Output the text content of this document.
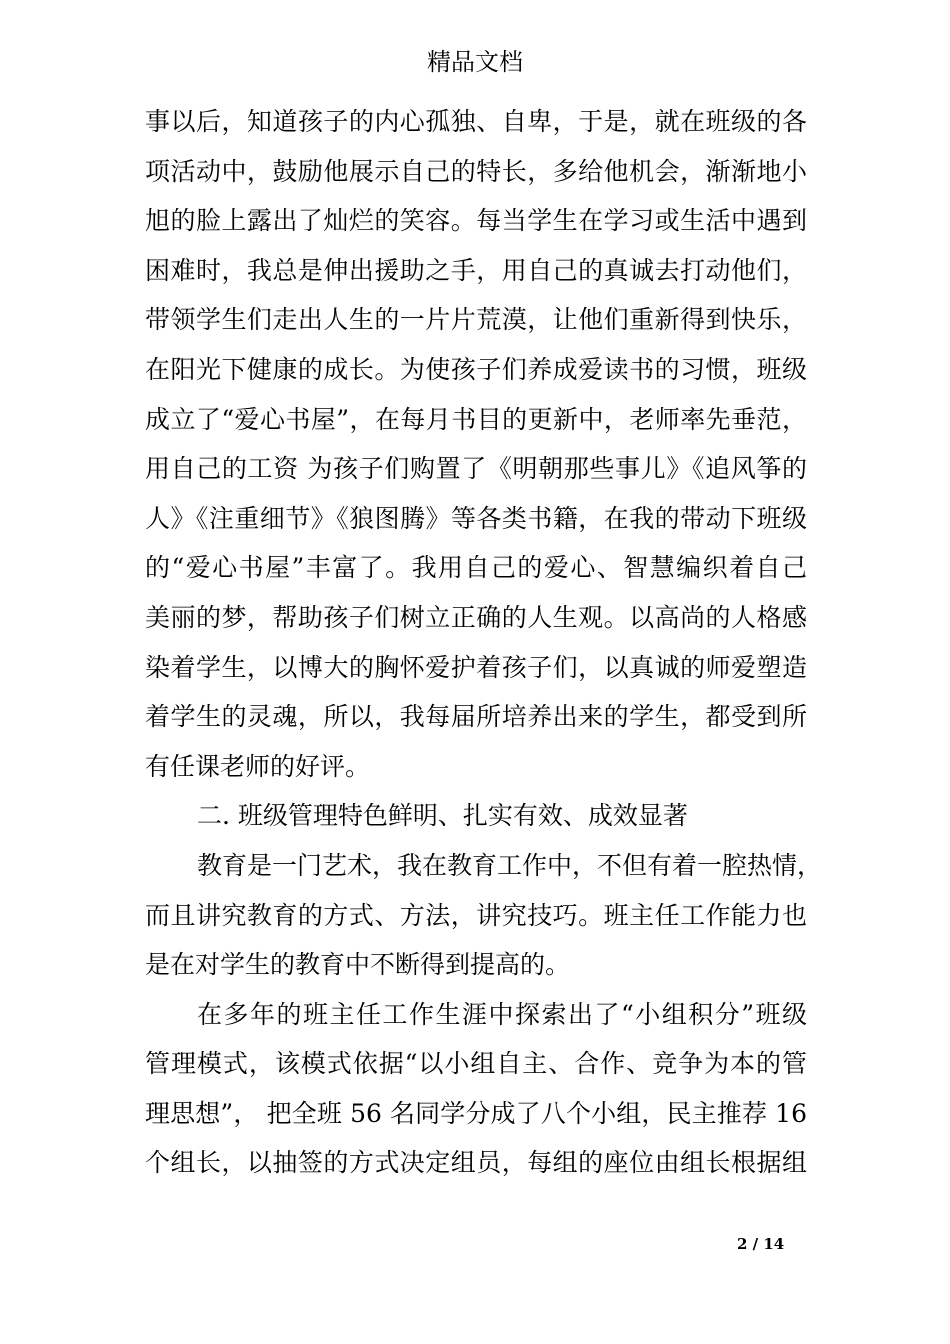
精品文档
事以后，知道孩子的内心孤独、自卑，于是，就在班级的各
项活动中，鼓励他展示自己的特长，多给他机会，渐渐地小
旭的脸上露出了灿烂的笑容。每当学生在学习或生活中遇到
困难时，我总是伸出援助之手，用自己的真诚去打动他们，
带领学生们走出人生的一片片荒漠，让他们重新得到快乐，
在阳光下健康的成长。为使孩子们养成爱读书的习惯，班级
成立了“爱心书屋”，在每月书目的更新中，老师率先垂范，
用自己的工资 为孩子们购置了《明朝那些事儿》《追风筝的
人》《注重细节》《狼图腾》等各类书籍，在我的带动下班级
的“爱心书屋”丰富了。我用自己的爱心、智慧编织着自己
美丽的梦，帮助孩子们树立正确的人生观。以高尚的人格感
染着学生，以博大的胸怀爱护着孩子们，以真诚的师爱塑造
着学生的灵魂，所以，我每届所培养出来的学生，都受到所
有任课老师的好评。
二. 班级管理特色鲜明、扎实有效、成效显著
教育是一门艺术，我在教育工作中，不但有着一腔热情，
而且讲究教育的方式、方法，讲究技巧。班主任工作能力也
是在对学生的教育中不断得到提高的。
在多年的班主任工作生涯中探索出了“小组积分”班级
管理模式，该模式依据“以小组自主、合作、竞争为本的管
理思想”， 把全班 56 名同学分成了八个小组，民主推荐 16
个组长，以抽签的方式决定组员，每组的座位由组长根据组
2 / 14
